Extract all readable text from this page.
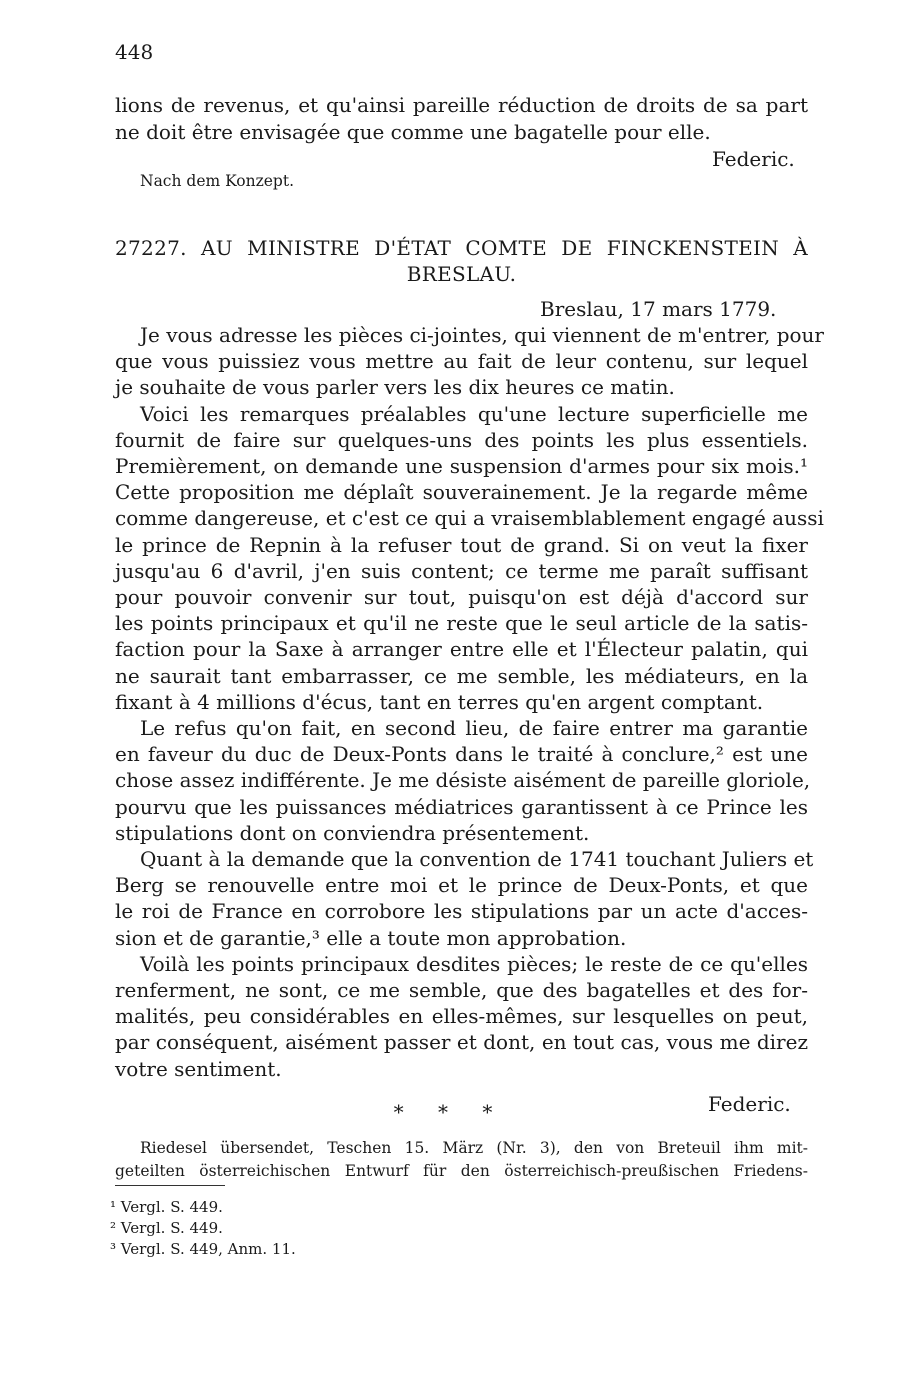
448
lions de revenus, et qu'ainsi pareille réduction de droits de sa part
ne doit être envisagée que comme une bagatelle pour elle.
Federic.
Nach dem Konzept.
27227. AU MINISTRE D'ÉTAT COMTE DE FINCKENSTEIN À
BRESLAU.
Breslau, 17 mars 1779.
Je vous adresse les pièces ci-jointes, qui viennent de m'entrer, pour
que vous puissiez vous mettre au fait de leur contenu, sur lequel
je souhaite de vous parler vers les dix heures ce matin.
Voici les remarques préalables qu'une lecture superficielle me
fournit de faire sur quelques-uns des points les plus essentiels.
Premièrement, on demande une suspension d'armes pour six mois.¹
Cette proposition me déplaît souverainement. Je la regarde même
comme dangereuse, et c'est ce qui a vraisemblablement engagé aussi
le prince de Repnin à la refuser tout de grand. Si on veut la fixer
jusqu'au 6 d'avril, j'en suis content; ce terme me paraît suffisant
pour pouvoir convenir sur tout, puisqu'on est déjà d'accord sur
les points principaux et qu'il ne reste que le seul article de la satis-
faction pour la Saxe à arranger entre elle et l'Électeur palatin, qui
ne saurait tant embarrasser, ce me semble, les médiateurs, en la
fixant à 4 millions d'écus, tant en terres qu'en argent comptant.
Le refus qu'on fait, en second lieu, de faire entrer ma garantie
en faveur du duc de Deux-Ponts dans le traité à conclure,² est une
chose assez indifférente. Je me désiste aisément de pareille gloriole,
pourvu que les puissances médiatrices garantissent à ce Prince les
stipulations dont on conviendra présentement.
Quant à la demande que la convention de 1741 touchant Juliers et
Berg se renouvelle entre moi et le prince de Deux-Ponts, et que
le roi de France en corrobore les stipulations par un acte d'acces-
sion et de garantie,³ elle a toute mon approbation.
Voilà les points principaux desdites pièces; le reste de ce qu'elles
renferment, ne sont, ce me semble, que des bagatelles et des for-
malités, peu considérables en elles-mêmes, sur lesquelles on peut,
par conséquent, aisément passer et dont, en tout cas, vous me direz
votre sentiment.
Federic.
* * *
Riedesel übersendet, Teschen 15. März (Nr. 3), den von Breteuil ihm mit-
geteilten österreichischen Entwurf für den österreichisch-preußischen Friedens-
¹ Vergl. S. 449.
² Vergl. S. 449.
³ Vergl. S. 449, Anm. 11.
